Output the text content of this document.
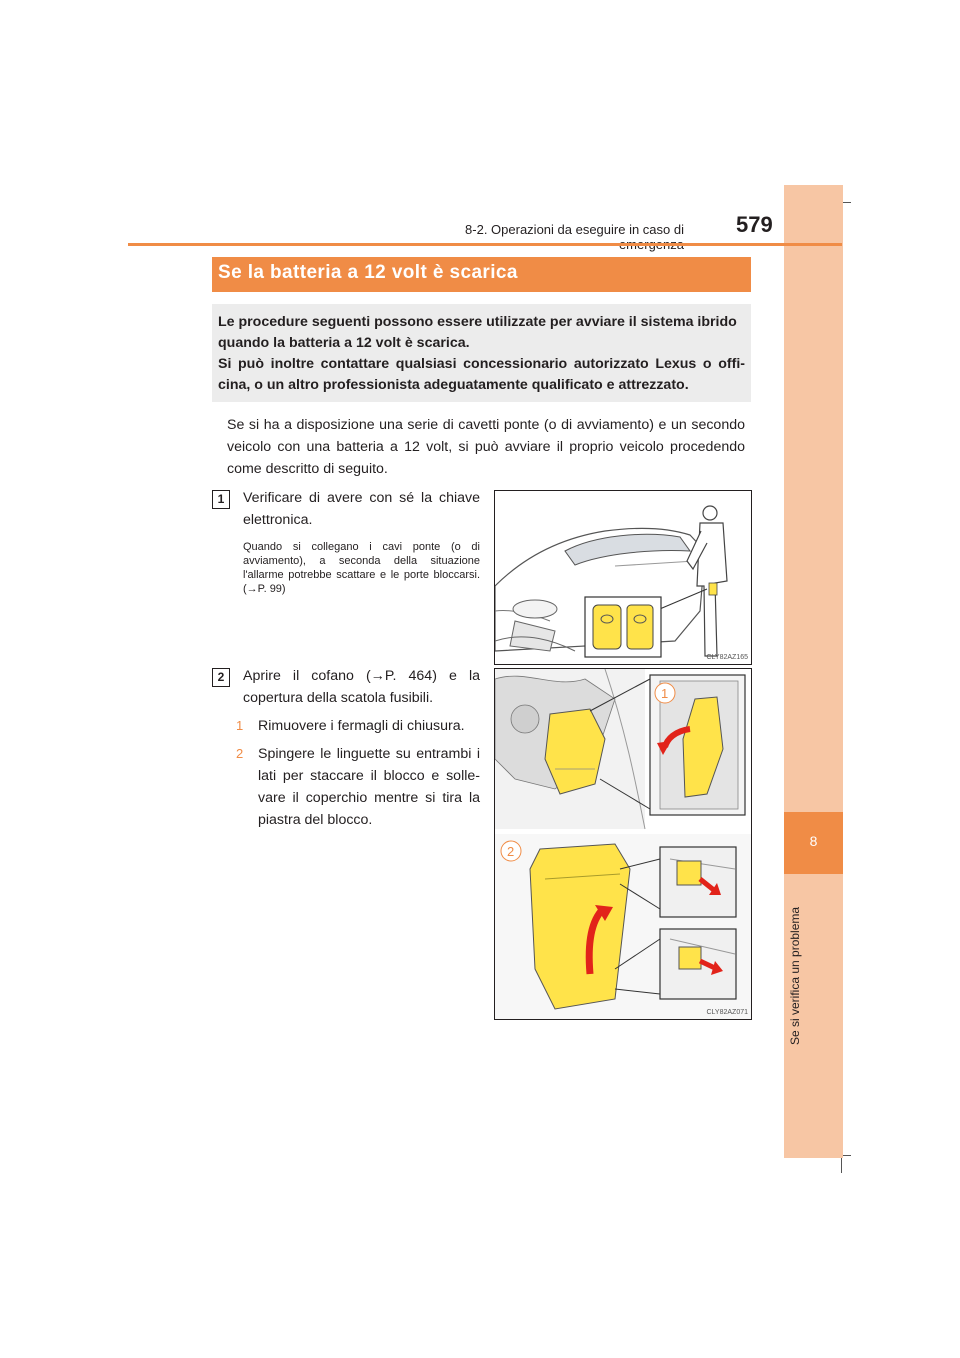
8
Se si verifica un problema
8-2. Operazioni da eseguire in caso di 579
Se la batteria a 12 volt è scarica

Le procedure seguenti possono essere utilizzate per avviare il sistema ibrido
quando la batteria a 12 volt è scarica.
Si può inoltre contattare qualsiasi concessionario autorizzato Lexus o offi-
cina, o un altro professionista adeguatamente qualificato e attrezzato.

Se si ha a disposizione una serie di cavetti ponte (o di avviamento) e un secondo veicolo con una batteria a 12 volt, si può avviare il proprio veicolo procedendo come descritto di seguito.
1	Verificare di avere con sé la chiave elettronica.
Quando si collegano i cavi ponte (o di avviamento), a seconda della situazione l'allarme potrebbe scattare e le porte bloccarsi. (→P. 99)
CLY82AZ165
2	Aprire il cofano (→P. 464) e la copertura della scatola fusibili.
1 Rimuovere i fermagli di chiusura.
2 Spingere le linguette su entrambi i lati per staccare il blocco e solle-vare il coperchio mentre si tira la piastra del blocco.
1
2
CLY82AZ071
